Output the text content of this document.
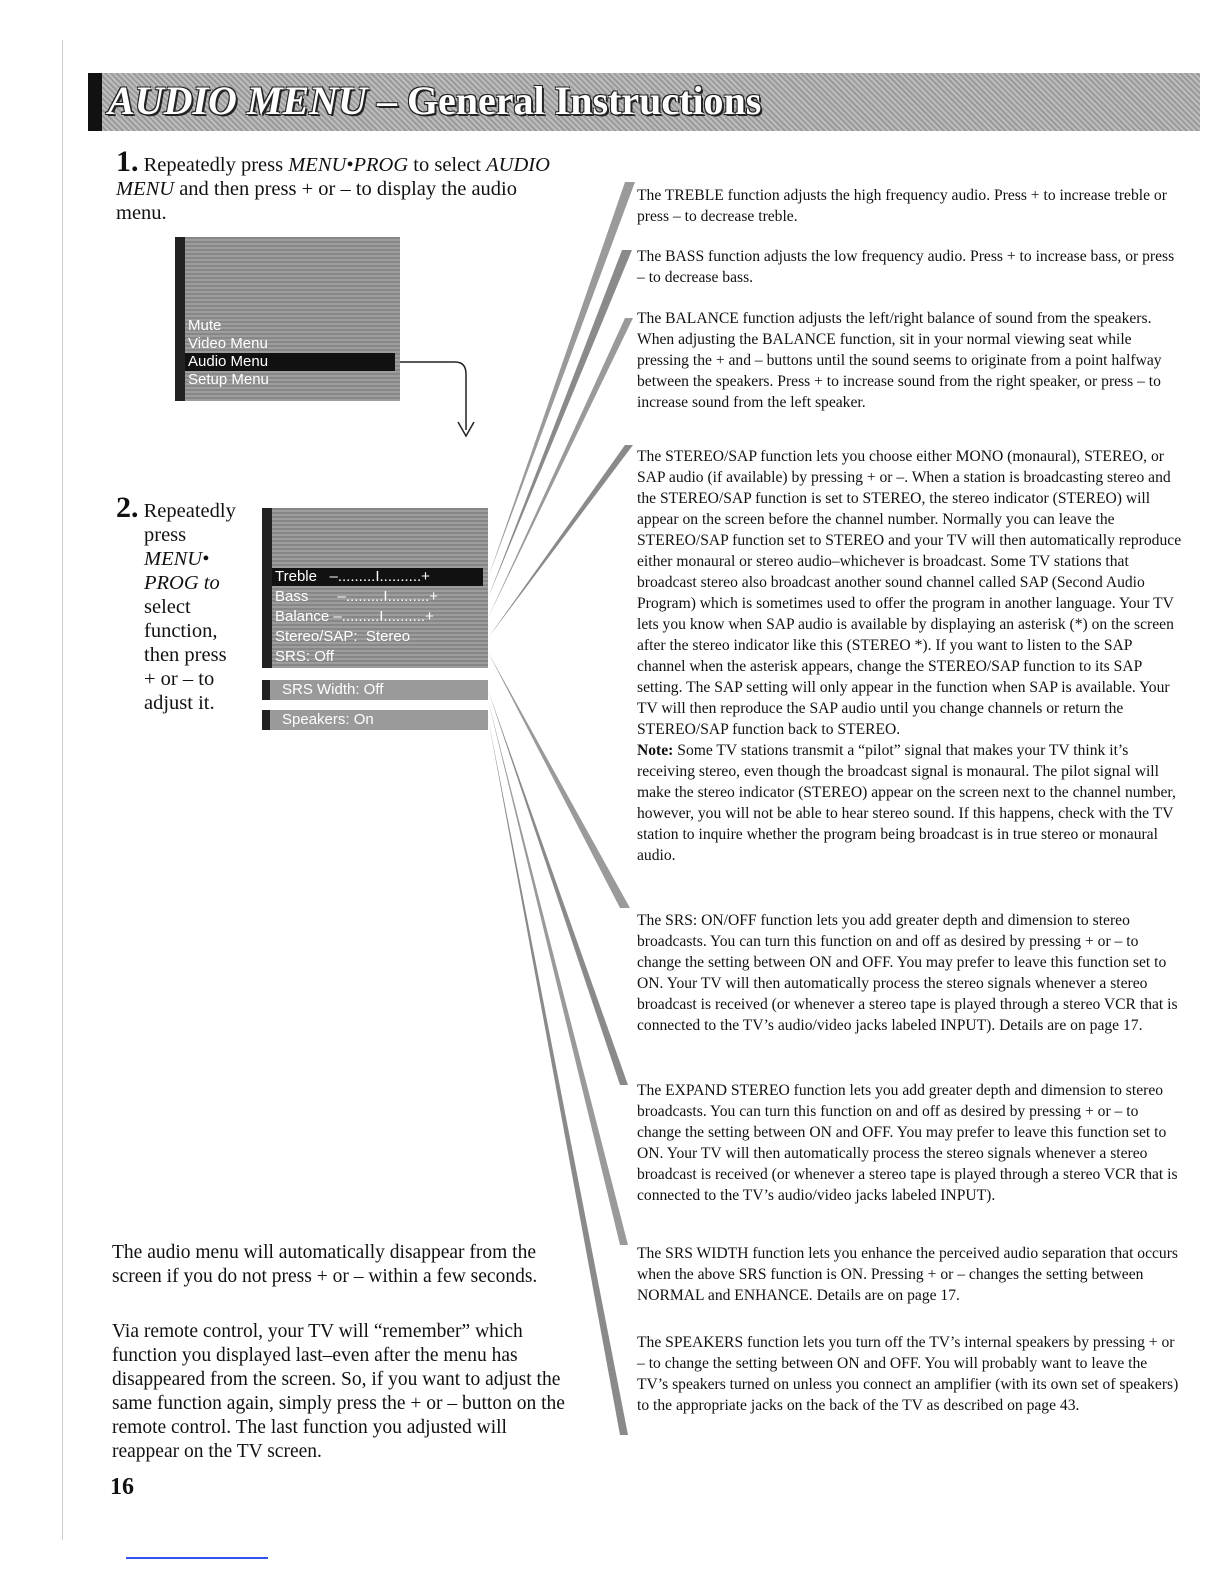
AUDIO MENU – General Instructions
1. Repeatedly press MENU•PROG to select AUDIO MENU and then press + or – to display the audio menu.
Mute
Video Menu
Audio Menu
Setup Menu
2. Repeatedly
press
MENU•
PROG to
select
function,
then press
+ or – to
adjust it.
Treble –.........I..........+
Bass –.........I..........+
Balance –.........I..........+
Stereo/SAP: Stereo
SRS: Off
SRS Width: Off
Speakers: On
The audio menu will automatically disappear from the screen if you do not press + or – within a few seconds.
Via remote control, your TV will “remember” which function you displayed last–even after the menu has disappeared from the screen. So, if you want to adjust the same function again, simply press the + or – button on the remote control. The last function you adjusted will reappear on the TV screen.
The TREBLE function adjusts the high frequency audio. Press + to increase treble or press – to decrease treble.
The BASS function adjusts the low frequency audio. Press + to increase bass, or press – to decrease bass.
The BALANCE function adjusts the left/right balance of sound from the speakers. When adjusting the BALANCE function, sit in your normal viewing seat while pressing the + and – buttons until the sound seems to originate from a point halfway between the speakers. Press + to increase sound from the right speaker, or press – to increase sound from the left speaker.
The STEREO/SAP function lets you choose either MONO (monaural), STEREO, or SAP audio (if available) by pressing + or –. When a station is broadcasting stereo and the STEREO/SAP function is set to STEREO, the stereo indicator (STEREO) will appear on the screen before the channel number. Normally you can leave the STEREO/SAP function set to STEREO and your TV will then automatically reproduce either monaural or stereo audio–whichever is broadcast. Some TV stations that broadcast stereo also broadcast another sound channel called SAP (Second Audio Program) which is sometimes used to offer the program in another language. Your TV lets you know when SAP audio is available by displaying an asterisk (*) on the screen after the stereo indicator like this (STEREO *). If you want to listen to the SAP channel when the asterisk appears, change the STEREO/SAP function to its SAP setting. The SAP setting will only appear in the function when SAP is available. Your TV will then reproduce the SAP audio until you change channels or return the STEREO/SAP function back to STEREO.
Note: Some TV stations transmit a “pilot” signal that makes your TV think it’s receiving stereo, even though the broadcast signal is monaural. The pilot signal will make the stereo indicator (STEREO) appear on the screen next to the channel number, however, you will not be able to hear stereo sound. If this happens, check with the TV station to inquire whether the program being broadcast is in true stereo or monaural audio.
The SRS: ON/OFF function lets you add greater depth and dimension to stereo broadcasts. You can turn this function on and off as desired by pressing + or – to change the setting between ON and OFF. You may prefer to leave this function set to ON. Your TV will then automatically process the stereo signals whenever a stereo broadcast is received (or whenever a stereo tape is played through a stereo VCR that is connected to the TV’s audio/video jacks labeled INPUT). Details are on page 17.
The EXPAND STEREO function lets you add greater depth and dimension to stereo broadcasts. You can turn this function on and off as desired by pressing + or – to change the setting between ON and OFF. You may prefer to leave this function set to ON. Your TV will then automatically process the stereo signals whenever a stereo broadcast is received (or whenever a stereo tape is played through a stereo VCR that is connected to the TV’s audio/video jacks labeled INPUT).
The SRS WIDTH function lets you enhance the perceived audio separation that occurs when the above SRS function is ON. Pressing + or – changes the setting between NORMAL and ENHANCE. Details are on page 17.
The SPEAKERS function lets you turn off the TV’s internal speakers by pressing + or – to change the setting between ON and OFF. You will probably want to leave the TV’s speakers turned on unless you connect an amplifier (with its own set of speakers) to the appropriate jacks on the back of the TV as described on page 43.
16
